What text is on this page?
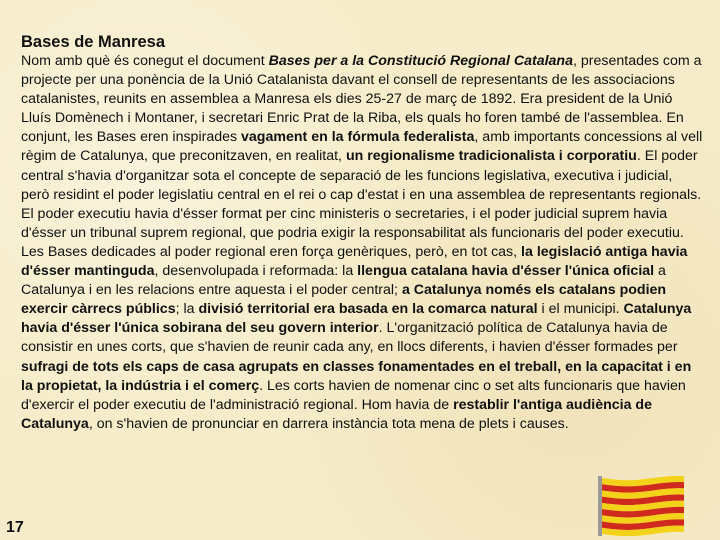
Bases de Manresa

Nom amb què és conegut el document Bases per a la Constitució Regional Catalana, presentades com a projecte per una ponència de la Unió Catalanista davant el consell de representants de les associacions catalanistes, reunits en assemblea a Manresa els dies 25-27 de març de 1892. Era president de la Unió Lluís Domènech i Montaner, i secretari Enric Prat de la Riba, els quals ho foren també de l'assemblea. En conjunt, les Bases eren inspirades vagament en la fórmula federalista, amb importants concessions al vell règim de Catalunya, que preconitzaven, en realitat, un regionalisme tradicionalista i corporatiu. El poder central s'havia d'organitzar sota el concepte de separació de les funcions legislativa, executiva i judicial, però residint el poder legislatiu central en el rei o cap d'estat i en una assemblea de representants regionals. El poder executiu havia d'ésser format per cinc ministeris o secretaries, i el poder judicial suprem havia d'ésser un tribunal suprem regional, que podria exigir la responsabilitat als funcionaris del poder executiu. Les Bases dedicades al poder regional eren força genèriques, però, en tot cas, la legislació antiga havia d'ésser mantinguda, desenvolupada i reformada: la llengua catalana havia d'ésser l'única oficial a Catalunya i en les relacions entre aquesta i el poder central; a Catalunya només els catalans podien exercir càrrecs públics; la divisió territorial era basada en la comarca natural i el municipi. Catalunya havia d'ésser l'única sobirana del seu govern interior. L'organització política de Catalunya havia de consistir en unes corts, que s'havien de reunir cada any, en llocs diferents, i havien d'ésser formades per sufragi de tots els caps de casa agrupats en classes fonamentades en el treball, en la capacitat i en la propietat, la indústria i el comerç. Les corts havien de nomenar cinc o set alts funcionaris que havien d'exercir el poder executiu de l'administració regional. Hom havia de restablir l'antiga audiència de Catalunya, on s'havien de pronunciar en darrera instància tota mena de plets i causes.

17
